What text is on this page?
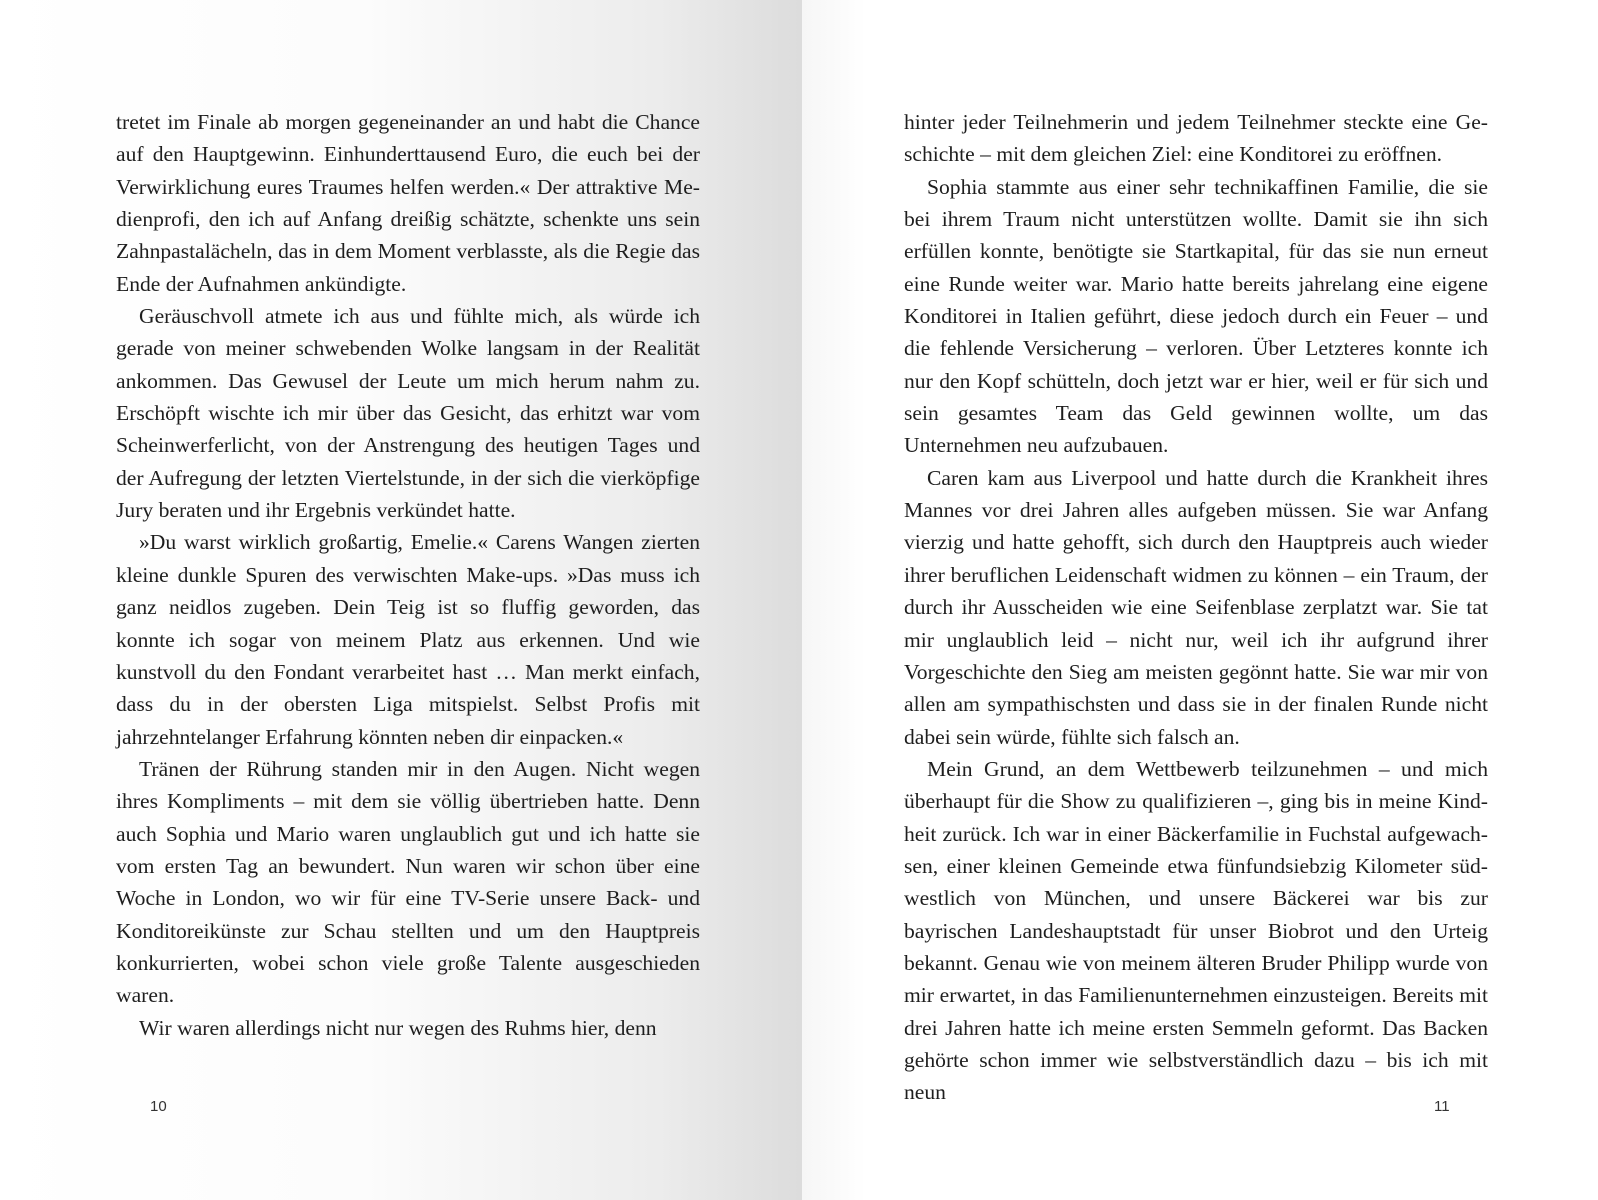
tretet im Finale ab morgen gegeneinander an und habt die Chance auf den Hauptgewinn. Einhunderttausend Euro, die euch bei der Verwirklichung eures Traumes helfen werden.« Der attraktive Medienprofi, den ich auf Anfang dreißig schätzte, schenkte uns sein Zahnpastalächeln, das in dem Moment verblasste, als die Regie das Ende der Aufnahmen ankündigte.

Geräuschvoll atmete ich aus und fühlte mich, als würde ich gerade von meiner schwebenden Wolke langsam in der Realität ankommen. Das Gewusel der Leute um mich herum nahm zu. Erschöpft wischte ich mir über das Gesicht, das erhitzt war vom Scheinwerferlicht, von der Anstrengung des heutigen Tages und der Aufregung der letzten Viertelstunde, in der sich die vierköpfige Jury beraten und ihr Ergebnis verkündet hatte.

»Du warst wirklich großartig, Emelie.« Carens Wangen zierten kleine dunkle Spuren des verwischten Make-ups. »Das muss ich ganz neidlos zugeben. Dein Teig ist so fluffig geworden, das konnte ich sogar von meinem Platz aus erkennen. Und wie kunstvoll du den Fondant verarbeitet hast … Man merkt einfach, dass du in der obersten Liga mitspielst. Selbst Profis mit jahrzehntelanger Erfahrung könnten neben dir einpacken.«

Tränen der Rührung standen mir in den Augen. Nicht wegen ihres Kompliments – mit dem sie völlig übertrieben hatte. Denn auch Sophia und Mario waren unglaublich gut und ich hatte sie vom ersten Tag an bewundert. Nun waren wir schon über eine Woche in London, wo wir für eine TV-Serie unsere Back- und Konditoreikünste zur Schau stellten und um den Hauptpreis konkurrierten, wobei schon viele große Talente ausgeschieden waren.

Wir waren allerdings nicht nur wegen des Ruhms hier, denn

10

hinter jeder Teilnehmerin und jedem Teilnehmer steckte eine Geschichte – mit dem gleichen Ziel: eine Konditorei zu eröffnen.

Sophia stammte aus einer sehr technikaffinen Familie, die sie bei ihrem Traum nicht unterstützen wollte. Damit sie ihn sich erfüllen konnte, benötigte sie Startkapital, für das sie nun erneut eine Runde weiter war. Mario hatte bereits jahrelang eine eigene Konditorei in Italien geführt, diese jedoch durch ein Feuer – und die fehlende Versicherung – verloren. Über Letzteres konnte ich nur den Kopf schütteln, doch jetzt war er hier, weil er für sich und sein gesamtes Team das Geld gewinnen wollte, um das Unternehmen neu aufzubauen.

Caren kam aus Liverpool und hatte durch die Krankheit ihres Mannes vor drei Jahren alles aufgeben müssen. Sie war Anfang vierzig und hatte gehofft, sich durch den Hauptpreis auch wieder ihrer beruflichen Leidenschaft widmen zu können – ein Traum, der durch ihr Ausscheiden wie eine Seifenblase zerplatzt war. Sie tat mir unglaublich leid – nicht nur, weil ich ihr aufgrund ihrer Vorgeschichte den Sieg am meisten gegönnt hatte. Sie war mir von allen am sympathischsten und dass sie in der finalen Runde nicht dabei sein würde, fühlte sich falsch an.

Mein Grund, an dem Wettbewerb teilzunehmen – und mich überhaupt für die Show zu qualifizieren –, ging bis in meine Kindheit zurück. Ich war in einer Bäckerfamilie in Fuchstal aufgewachsen, einer kleinen Gemeinde etwa fünfundsiebzig Kilometer südwestlich von München, und unsere Bäckerei war bis zur bayrischen Landeshauptstadt für unser Biobrot und den Urteig bekannt. Genau wie von meinem älteren Bruder Philipp wurde von mir erwartet, in das Familienunternehmen einzusteigen. Bereits mit drei Jahren hatte ich meine ersten Semmeln geformt. Das Backen gehörte schon immer wie selbstverständlich dazu – bis ich mit neun

11
